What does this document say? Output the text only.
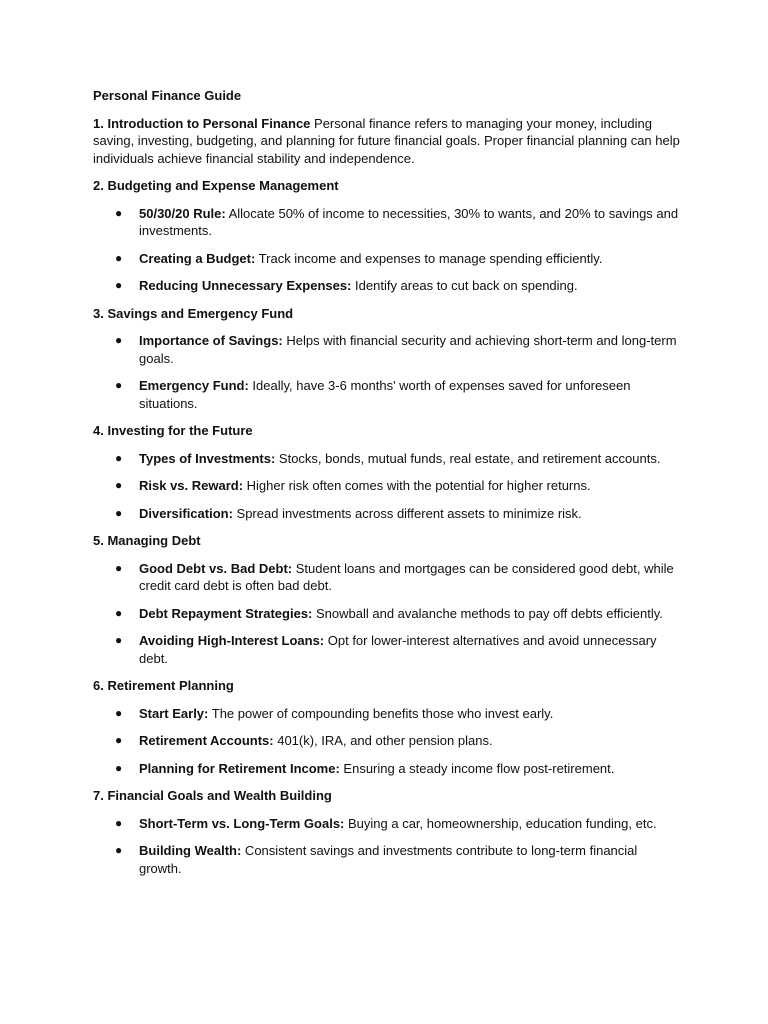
Personal Finance Guide

1. Introduction to Personal Finance Personal finance refers to managing your money, including saving, investing, budgeting, and planning for future financial goals. Proper financial planning can help individuals achieve financial stability and independence.

2. Budgeting and Expense Management
● 50/30/20 Rule: Allocate 50% of income to necessities, 30% to wants, and 20% to savings and investments.
● Creating a Budget: Track income and expenses to manage spending efficiently.
● Reducing Unnecessary Expenses: Identify areas to cut back on spending.
3. Savings and Emergency Fund
● Importance of Savings: Helps with financial security and achieving short-term and long-term goals.
● Emergency Fund: Ideally, have 3-6 months' worth of expenses saved for unforeseen situations.
4. Investing for the Future
● Types of Investments: Stocks, bonds, mutual funds, real estate, and retirement accounts.
● Risk vs. Reward: Higher risk often comes with the potential for higher returns.
● Diversification: Spread investments across different assets to minimize risk.
5. Managing Debt
● Good Debt vs. Bad Debt: Student loans and mortgages can be considered good debt, while credit card debt is often bad debt.
● Debt Repayment Strategies: Snowball and avalanche methods to pay off debts efficiently.
● Avoiding High-Interest Loans: Opt for lower-interest alternatives and avoid unnecessary debt.
6. Retirement Planning
● Start Early: The power of compounding benefits those who invest early.
● Retirement Accounts: 401(k), IRA, and other pension plans.
● Planning for Retirement Income: Ensuring a steady income flow post-retirement.
7. Financial Goals and Wealth Building
● Short-Term vs. Long-Term Goals: Buying a car, homeownership, education funding, etc.
● Building Wealth: Consistent savings and investments contribute to long-term financial growth.
